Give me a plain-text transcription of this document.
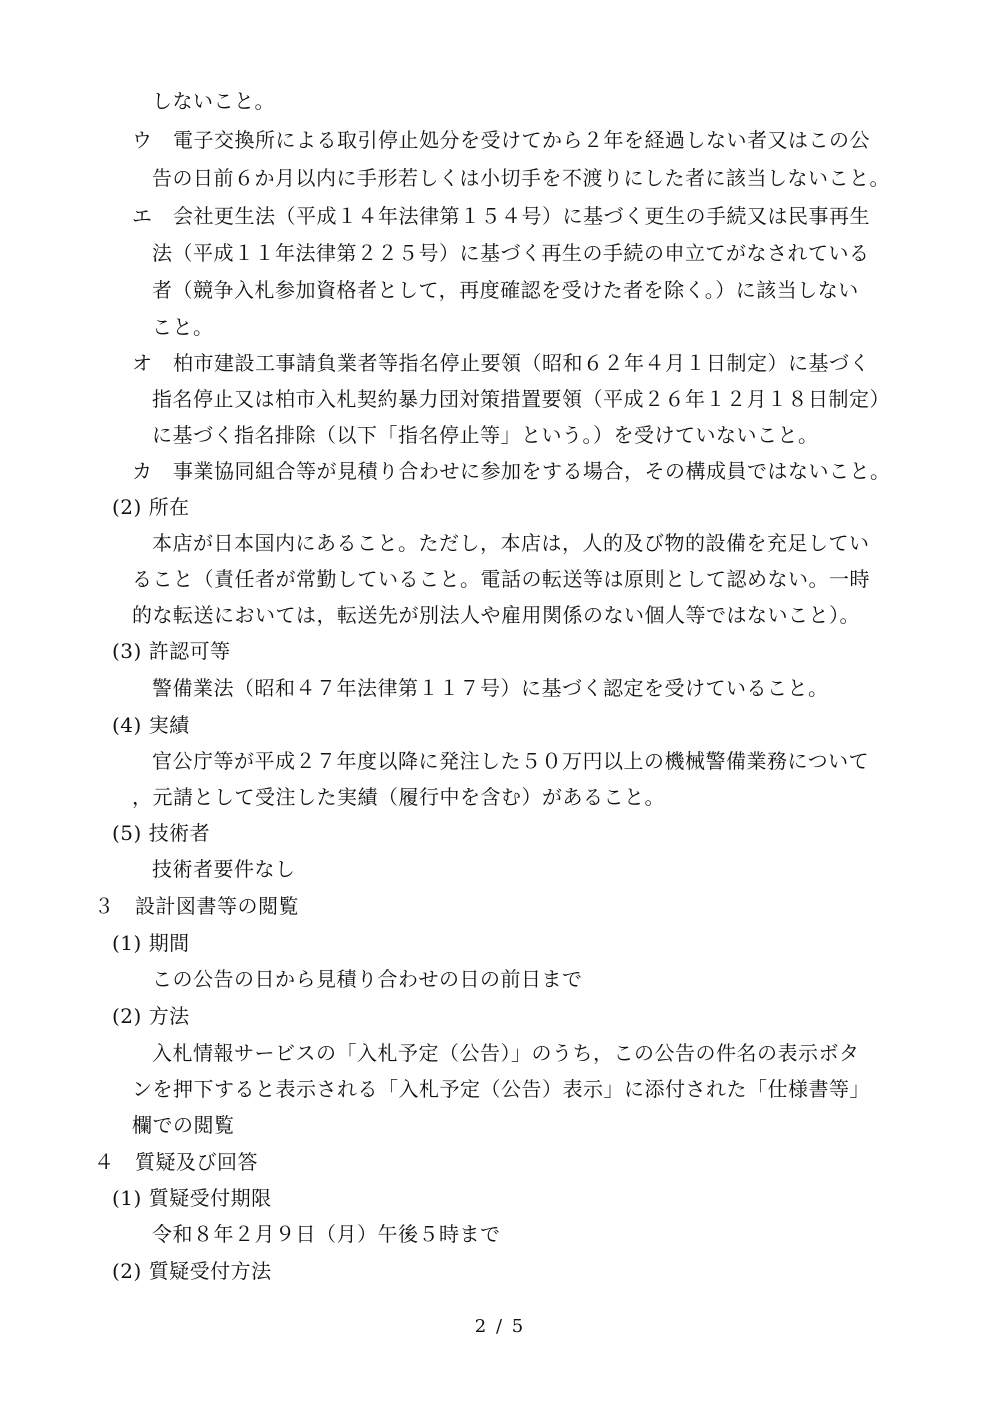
しないこと。
ウ　電子交換所による取引停止処分を受けてから２年を経過しない者又はこの公
告の日前６か月以内に手形若しくは小切手を不渡りにした者に該当しないこと。
エ　会社更生法（平成１４年法律第１５４号）に基づく更生の手続又は民事再生
法（平成１１年法律第２２５号）に基づく再生の手続の申立てがなされている
者（競争入札参加資格者として，再度確認を受けた者を除く。）に該当しない
こと。
オ　柏市建設工事請負業者等指名停止要領（昭和６２年４月１日制定）に基づく
指名停止又は柏市入札契約暴力団対策措置要領（平成２６年１２月１８日制定）
に基づく指名排除（以下「指名停止等」という。）を受けていないこと。
カ　事業協同組合等が見積り合わせに参加をする場合，その構成員ではないこと。
(2) 所在
本店が日本国内にあること。ただし，本店は，人的及び物的設備を充足してい
ること（責任者が常勤していること。電話の転送等は原則として認めない。一時
的な転送においては，転送先が別法人や雇用関係のない個人等ではないこと）。
(3) 許認可等
警備業法（昭和４７年法律第１１７号）に基づく認定を受けていること。
(4) 実績
官公庁等が平成２７年度以降に発注した５０万円以上の機械警備業務について
，元請として受注した実績（履行中を含む）があること。
(5) 技術者
技術者要件なし
３　設計図書等の閲覧
(1) 期間
この公告の日から見積り合わせの日の前日まで
(2) 方法
入札情報サービスの「入札予定（公告）」のうち，この公告の件名の表示ボタ
ンを押下すると表示される「入札予定（公告）表示」に添付された「仕様書等」
欄での閲覧
４　質疑及び回答
(1) 質疑受付期限
令和８年２月９日（月）午後５時まで
(2) 質疑受付方法
2 / 5
